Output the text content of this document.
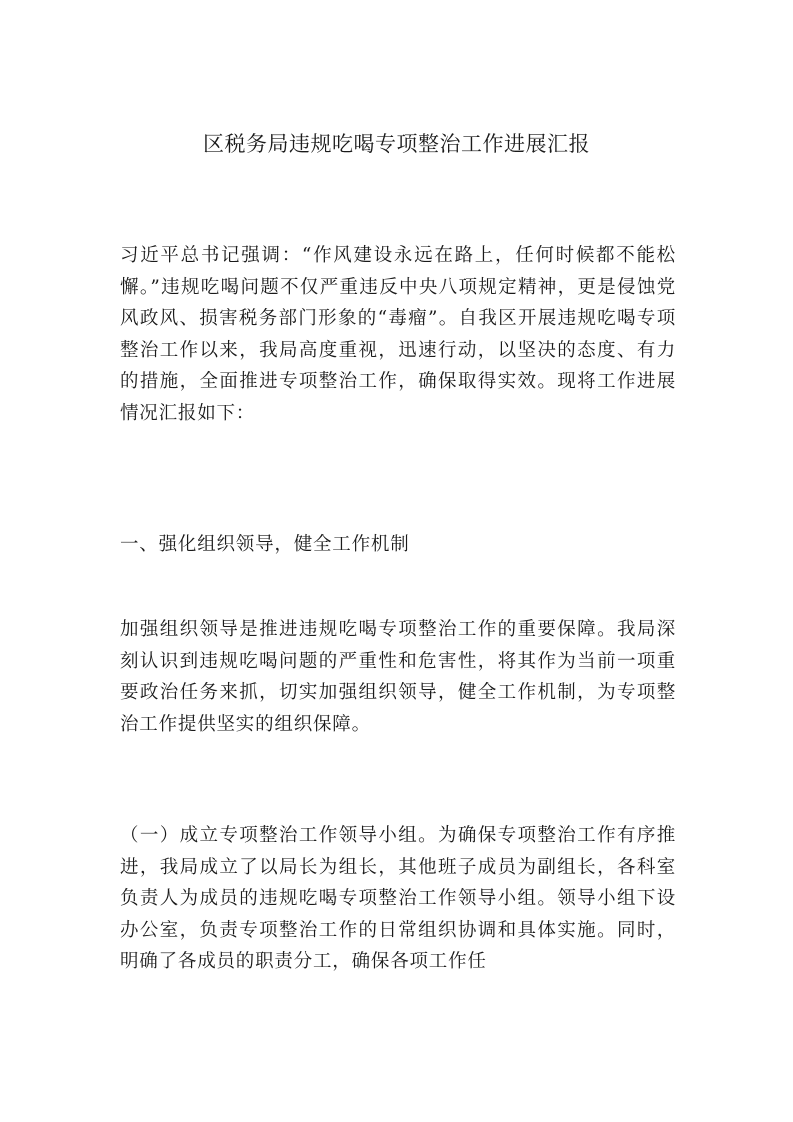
区税务局违规吃喝专项整治工作进展汇报

习近平总书记强调：“作风建设永远在路上，任何时候都不能松懈。”违规吃喝问题不仅严重违反中央八项规定精神，更是侵蚀党风政风、损害税务部门形象的“毒瘤”。自我区开展违规吃喝专项整治工作以来，我局高度重视，迅速行动，以坚决的态度、有力的措施，全面推进专项整治工作，确保取得实效。现将工作进展情况汇报如下：

一、强化组织领导，健全工作机制

加强组织领导是推进违规吃喝专项整治工作的重要保障。我局深刻认识到违规吃喝问题的严重性和危害性，将其作为当前一项重要政治任务来抓，切实加强组织领导，健全工作机制，为专项整治工作提供坚实的组织保障。

（一）成立专项整治工作领导小组。为确保专项整治工作有序推进，我局成立了以局长为组长，其他班子成员为副组长，各科室负责人为成员的违规吃喝专项整治工作领导小组。领导小组下设办公室，负责专项整治工作的日常组织协调和具体实施。同时，明确了各成员的职责分工，确保各项工作任
